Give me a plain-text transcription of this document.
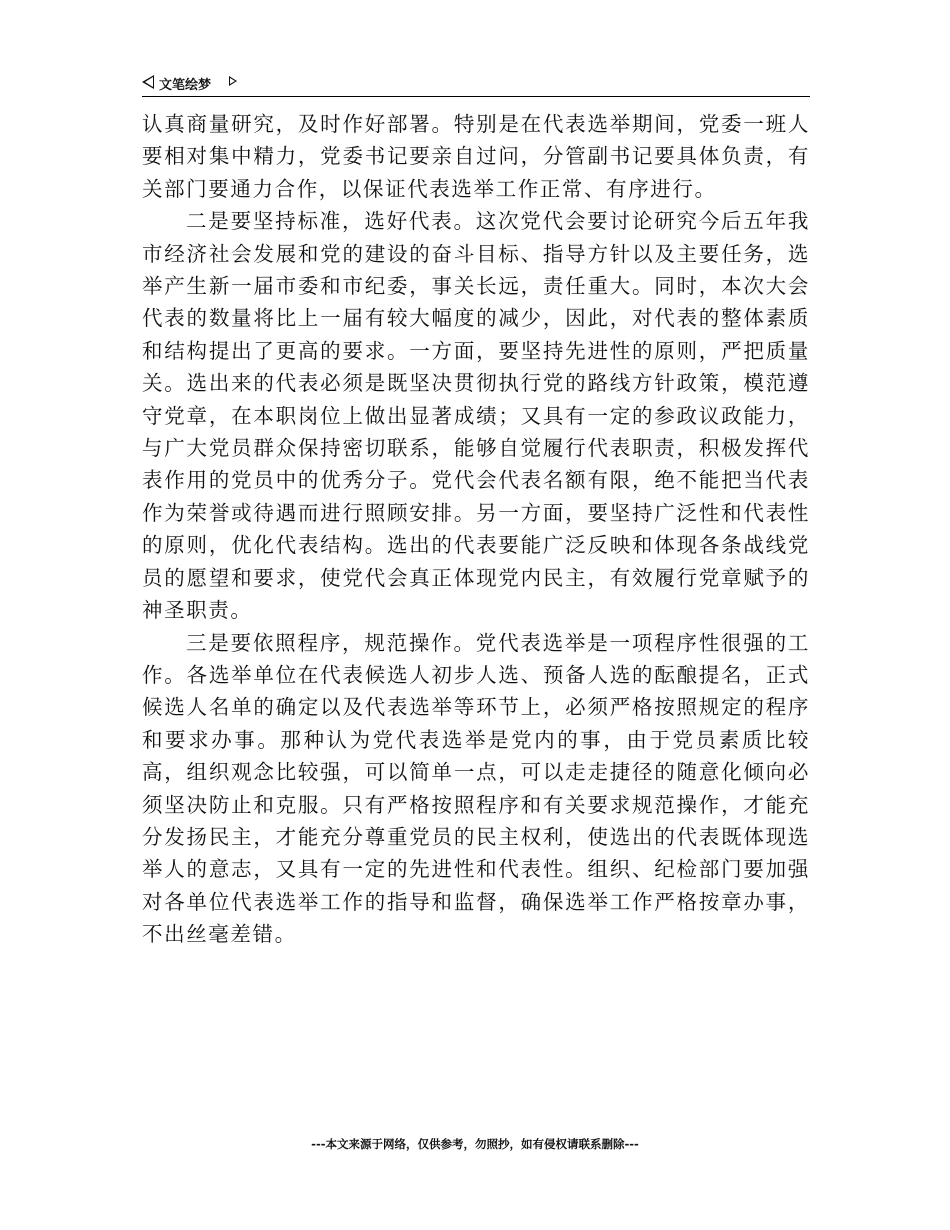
文笔绘梦

认真商量研究，及时作好部署。特别是在代表选举期间，党委一班人要相对集中精力，党委书记要亲自过问，分管副书记要具体负责，有关部门要通力合作，以保证代表选举工作正常、有序进行。

二是要坚持标准，选好代表。这次党代会要讨论研究今后五年我市经济社会发展和党的建设的奋斗目标、指导方针以及主要任务，选举产生新一届市委和市纪委，事关长远，责任重大。同时，本次大会代表的数量将比上一届有较大幅度的减少，因此，对代表的整体素质和结构提出了更高的要求。一方面，要坚持先进性的原则，严把质量关。选出来的代表必须是既坚决贯彻执行党的路线方针政策，模范遵守党章，在本职岗位上做出显著成绩；又具有一定的参政议政能力，与广大党员群众保持密切联系，能够自觉履行代表职责，积极发挥代表作用的党员中的优秀分子。党代会代表名额有限，绝不能把当代表作为荣誉或待遇而进行照顾安排。另一方面，要坚持广泛性和代表性的原则，优化代表结构。选出的代表要能广泛反映和体现各条战线党员的愿望和要求，使党代会真正体现党内民主，有效履行党章赋予的神圣职责。

三是要依照程序，规范操作。党代表选举是一项程序性很强的工作。各选举单位在代表候选人初步人选、预备人选的酝酿提名，正式候选人名单的确定以及代表选举等环节上，必须严格按照规定的程序和要求办事。那种认为党代表选举是党内的事，由于党员素质比较高，组织观念比较强，可以简单一点，可以走走捷径的随意化倾向必须坚决防止和克服。只有严格按照程序和有关要求规范操作，才能充分发扬民主，才能充分尊重党员的民主权利，使选出的代表既体现选举人的意志，又具有一定的先进性和代表性。组织、纪检部门要加强对各单位代表选举工作的指导和监督，确保选举工作严格按章办事，不出丝毫差错。

---本文来源于网络，仅供参考，勿照抄，如有侵权请联系删除---
